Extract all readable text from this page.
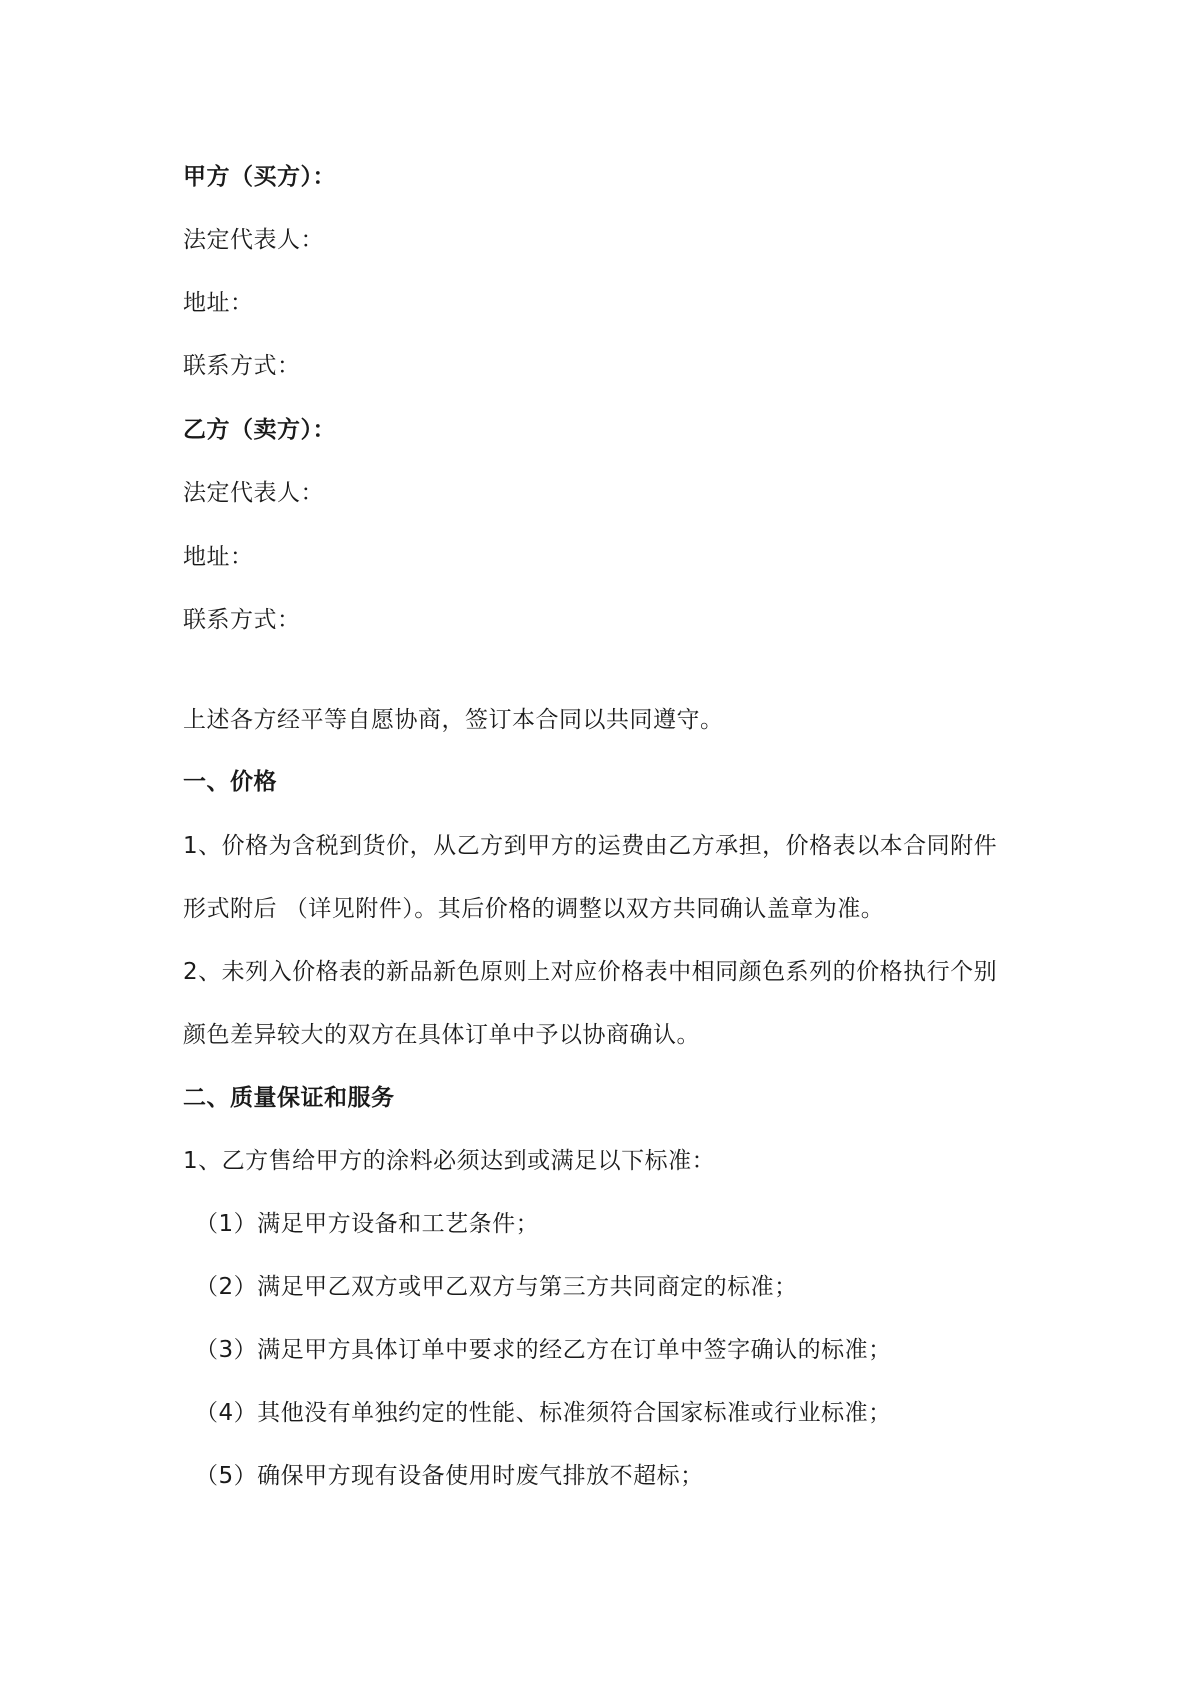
甲方（买方）：
法定代表人：
地址：
联系方式：
乙方（卖方）：
法定代表人：
地址：
联系方式：
上述各方经平等自愿协商，签订本合同以共同遵守。
一、价格
1、价格为含税到货价，从乙方到甲方的运费由乙方承担，价格表以本合同附件
形式附后 （详见附件）。其后价格的调整以双方共同确认盖章为准。
2、未列入价格表的新品新色原则上对应价格表中相同颜色系列的价格执行个别
颜色差异较大的双方在具体订单中予以协商确认。
二、质量保证和服务
1、乙方售给甲方的涂料必须达到或满足以下标准：
（1）满足甲方设备和工艺条件；
（2）满足甲乙双方或甲乙双方与第三方共同商定的标准；
（3）满足甲方具体订单中要求的经乙方在订单中签字确认的标准；
（4）其他没有单独约定的性能、标准须符合国家标准或行业标准；
（5）确保甲方现有设备使用时废气排放不超标；
